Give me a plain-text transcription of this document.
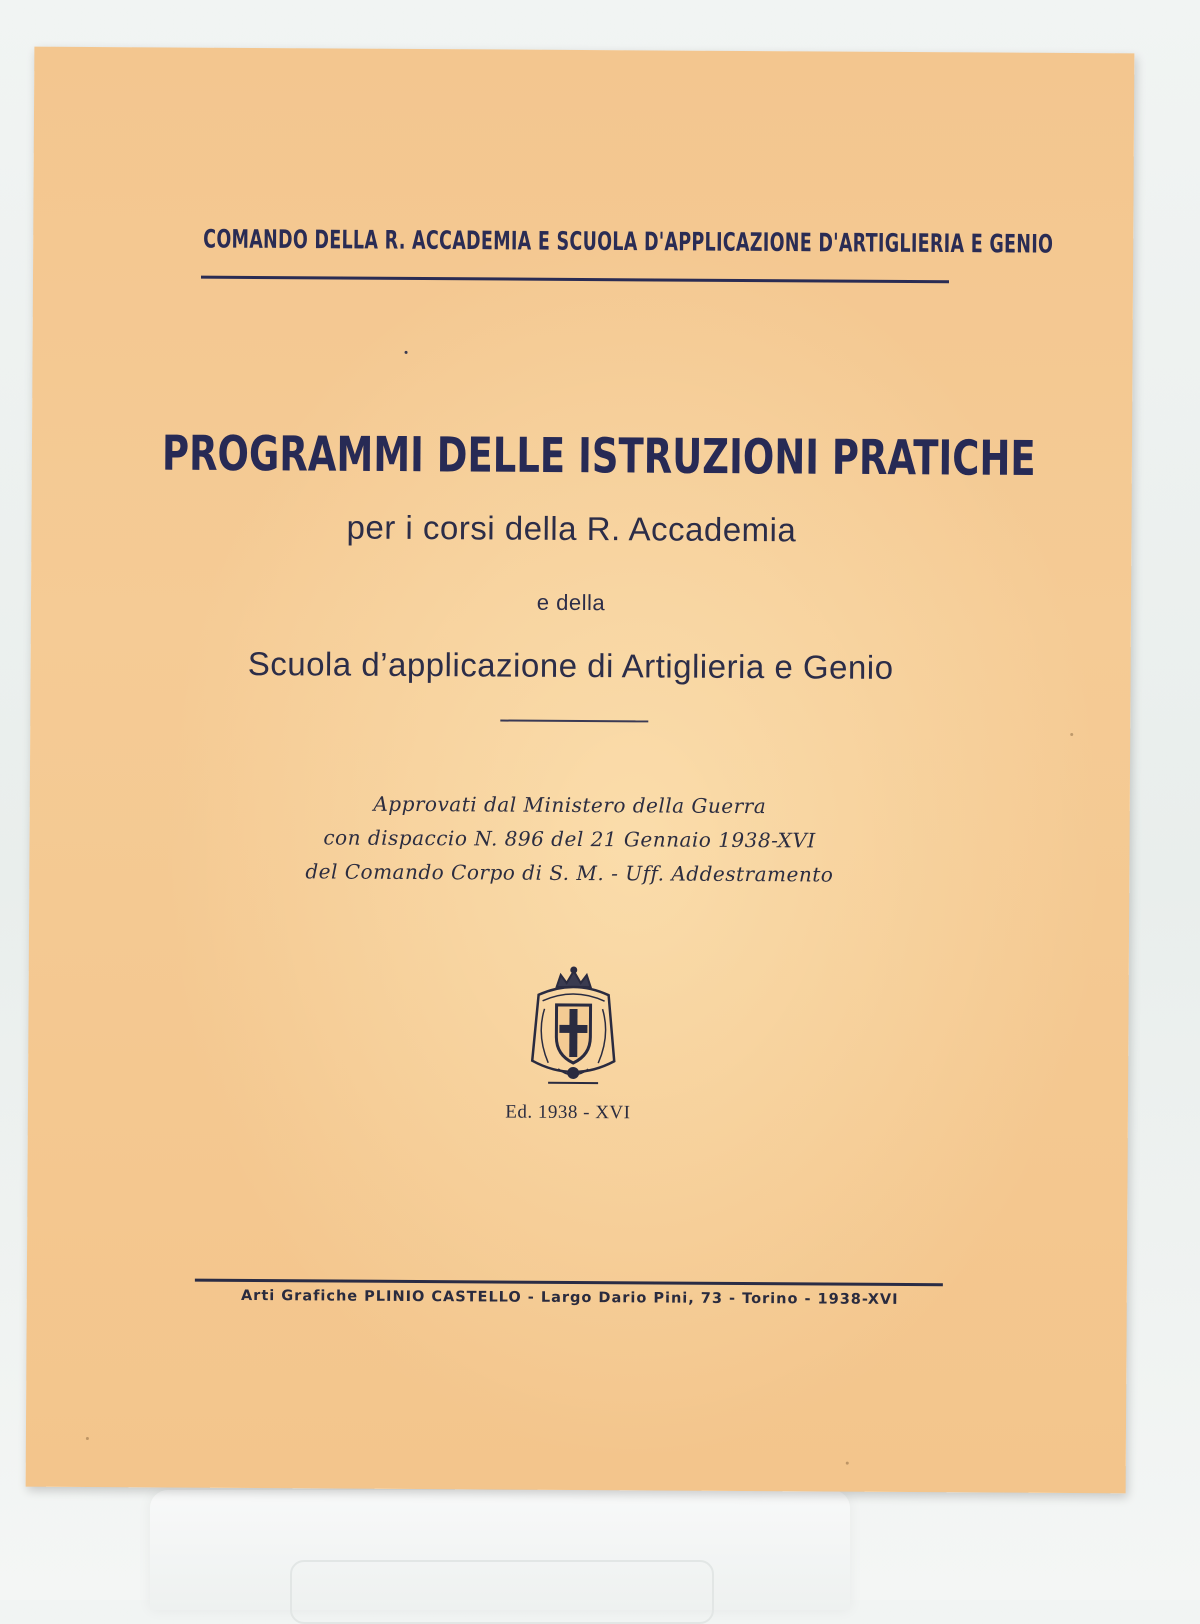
COMANDO DELLA R. ACCADEMIA E SCUOLA D'APPLICAZIONE D'ARTIGLIERIA E GENIO
PROGRAMMI DELLE ISTRUZIONI PRATICHE
per i corsi della R. Accademia
e della
Scuola d’applicazione di Artiglieria e Genio
Approvati dal Ministero della Guerra
con dispaccio N. 896 del 21 Gennaio 1938-XVI
del Comando Corpo di S. M. - Uff. Addestramento
Ed. 1938 - XVI
Arti Grafiche PLINIO CASTELLO - Largo Dario Pini, 73 - Torino - 1938-XVI
